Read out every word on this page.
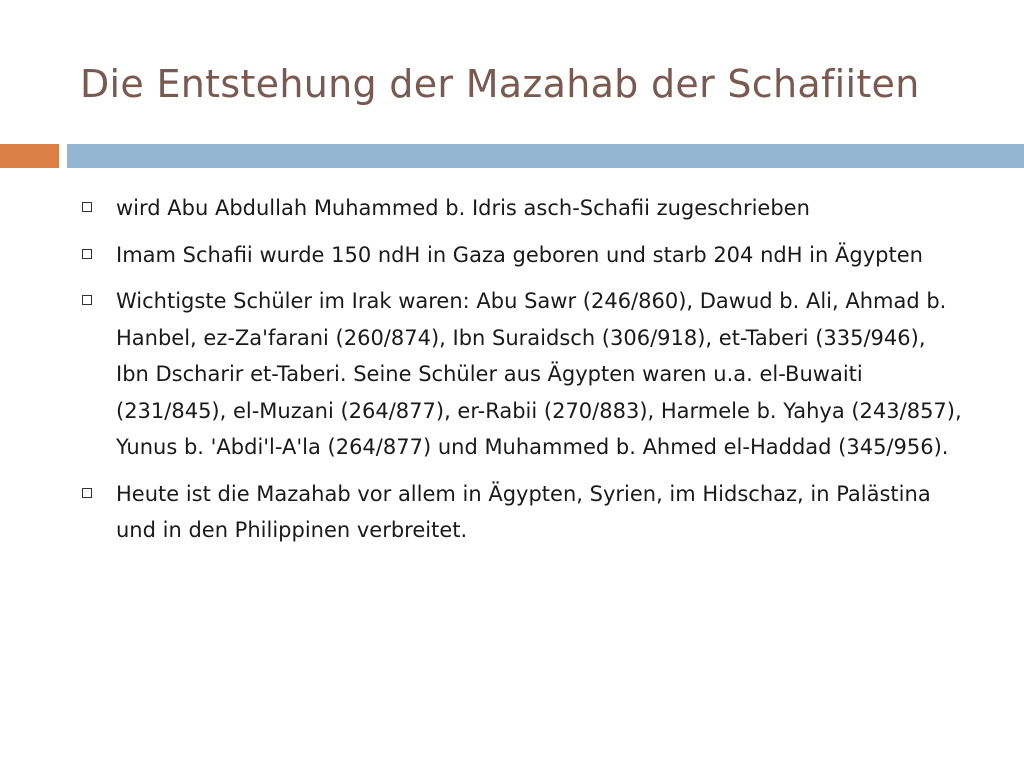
Die Entstehung der Mazahab der Schafiiten
wird Abu Abdullah Muhammed b. Idris asch-Schafii zugeschrieben
Imam Schafii wurde 150 ndH in Gaza geboren und starb 204 ndH in Ägypten
Wichtigste Schüler im Irak waren: Abu Sawr (246/860), Dawud b. Ali, Ahmad b. Hanbel, ez-Za'farani (260/874), Ibn Suraidsch (306/918), et-Taberi (335/946), Ibn Dscharir et-Taberi. Seine Schüler aus Ägypten waren u.a. el-Buwaiti (231/845), el-Muzani (264/877), er-Rabii (270/883), Harmele b. Yahya (243/857), Yunus b. 'Abdi'l-A'la (264/877) und Muhammed b. Ahmed el-Haddad (345/956).
Heute ist die Mazahab vor allem in Ägypten, Syrien, im Hidschaz, in Palästina und in den Philippinen verbreitet.
